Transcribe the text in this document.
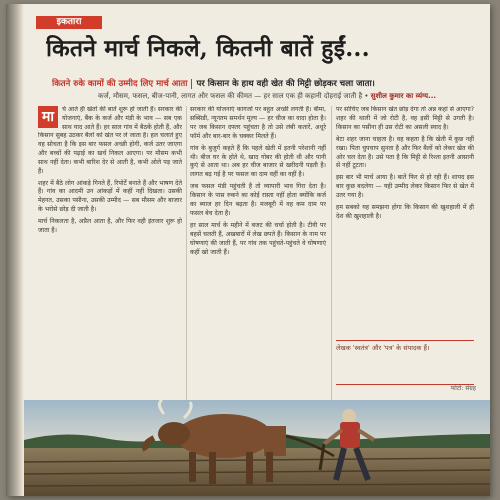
इकतारा
कितने मार्च निकले, कितनी बातें हुईं...
कितने रुके कामों की उम्मीद लिए मार्च आता पर किसान के हाथ वही खेत की मिट्टी छोड़कर चला जाता।
कर्ज, मौसम, फसल, बीज-पानी, लागत और फसल की कीमत — हर साल एक ही कहानी दोहराई जाती है • सुशील कुमार का व्यंग्य...
मा	र्च आते ही खेतों की बातें शुरू हो जाती हैं। सरकार की योजनाएं, बैंक के कर्ज और मंडी के भाव — सब एक साथ याद आते हैं। हर साल गांव में बैठकें होती हैं, और

किसान सुबह उठकर बैलों को खेत पर ले जाता है। हल चलाते हुए वह सोचता है कि इस बार फसल अच्छी होगी, कर्ज उतर जाएगा और बच्चों की पढ़ाई का खर्च निकल आएगा। पर मौसम कभी साथ नहीं देता। कभी बारिश देर से आती है, कभी ओले पड़ जाते हैं।

शहर में बैठे लोग आंकड़े गिनते हैं, रिपोर्टें बनाते हैं और भाषण देते हैं। गांव का आदमी उन आंकड़ों में कहीं नहीं दिखता। उसकी मेहनत, उसका पसीना, उसकी उम्मीद — सब मौसम और बाजार के भरोसे छोड़ दी जाती है।

मार्च निकलता है, अप्रैल आता है, और फिर वही इंतजार शुरू हो जाता है।

सरकार की योजनाएं कागजों पर बहुत अच्छी लगती हैं। बीमा, सब्सिडी, न्यूनतम समर्थन मूल्य — हर चीज का वादा होता है। पर जब किसान दफ्तर पहुंचता है तो उसे लंबी कतारें, अधूरे फॉर्म और बार-बार के चक्कर मिलते हैं।

गांव के बुजुर्ग कहते हैं कि पहले खेती में इतनी परेशानी नहीं थी। बीज घर के होते थे, खाद गोबर की होती थी और पानी कुएं से आता था। अब हर चीज बाजार से खरीदनी पड़ती है। लागत बढ़ गई है पर फसल का दाम वहीं का वहीं है।

जब फसल मंडी पहुंचती है तो व्यापारी भाव गिरा देता है। किसान के पास रुकने का कोई रास्ता नहीं होता क्योंकि कर्ज का ब्याज हर दिन बढ़ता है। मजबूरी में वह कम दाम पर फसल बेच देता है।

हर साल मार्च के महीने में बजट की चर्चा होती है। टीवी पर बहसें चलती हैं, अखबारों में लेख छपते हैं। किसान के नाम पर घोषणाएं की जाती हैं, पर गांव तक पहुंचते-पहुंचते वे घोषणाएं कहीं खो जाती हैं।

पर सोचिए जब किसान खेत छोड़ देगा तो अन्न कहां से आएगा? शहर की थाली में जो रोटी है, वह इसी मिट्टी से उगती है। किसान का पसीना ही उस रोटी का असली स्वाद है।

बेटा शहर जाना चाहता है। वह कहता है कि खेती में कुछ नहीं रखा। पिता चुपचाप सुनता है और फिर बैलों को लेकर खेत की ओर चल देता है। उसे पता है कि मिट्टी से रिश्ता इतनी आसानी से नहीं टूटता।

इस बार भी मार्च आया है। बातें फिर से हो रही हैं। शायद इस बार कुछ बदलेगा — यही उम्मीद लेकर किसान फिर से खेत में उतर गया है।

हम सबको यह समझना होगा कि किसान की खुशहाली में ही देश की खुशहाली है।

लेखक 'स्वतंत्र' और 'पत्र' के संपादक हैं।
फोटो: संग्रह
